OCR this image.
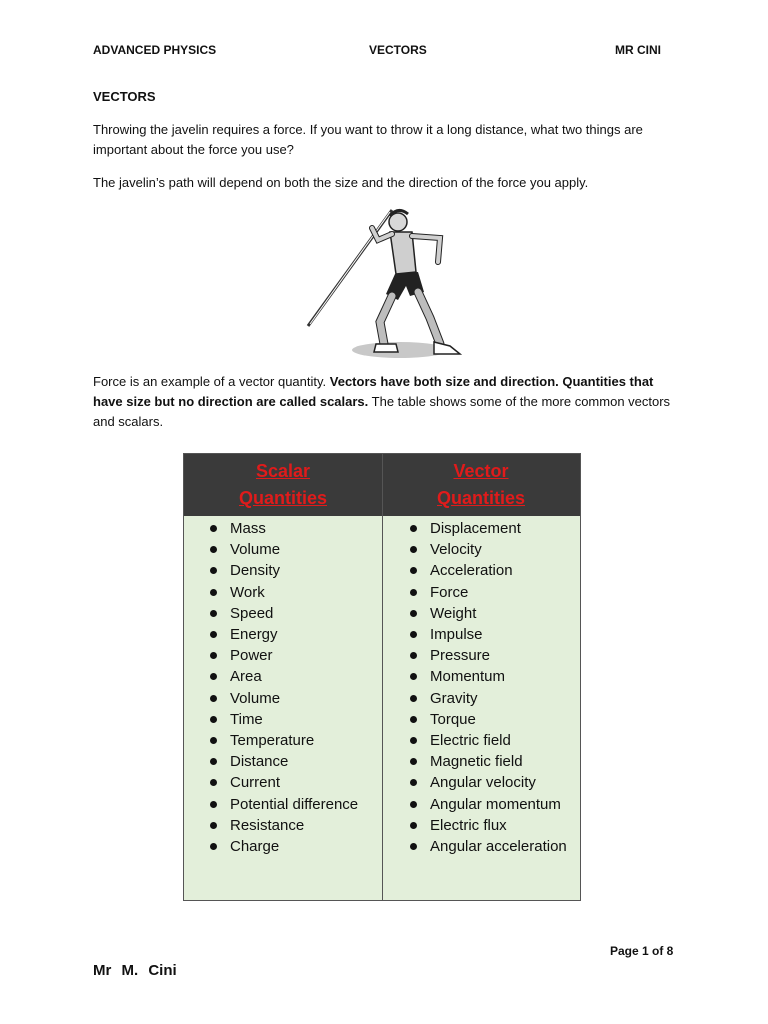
ADVANCED PHYSICS	VECTORS	MR CINI
VECTORS
Throwing the javelin requires a force. If you want to throw it a long distance, what two things are important about the force you use?
The javelin’s path will depend on both the size and the direction of the force you apply.
Force is an example of a vector quantity. Vectors have both size and direction. Quantities that have size but no direction are called scalars. The table shows some of the more common vectors and scalars.
Scalar
Quantities
Vector
Quantities
Mass
Volume
Density
Work
Speed
Energy
Power
Area
Volume
Time
Temperature
Distance
Current
Potential difference
Resistance
Charge
Displacement
Velocity
Acceleration
Force
Weight
Impulse
Pressure
Momentum
Gravity
Torque
Electric field
Magnetic field
Angular velocity
Angular momentum
Electric flux
Angular acceleration
Page 1 of 8
Mr M. Cini
